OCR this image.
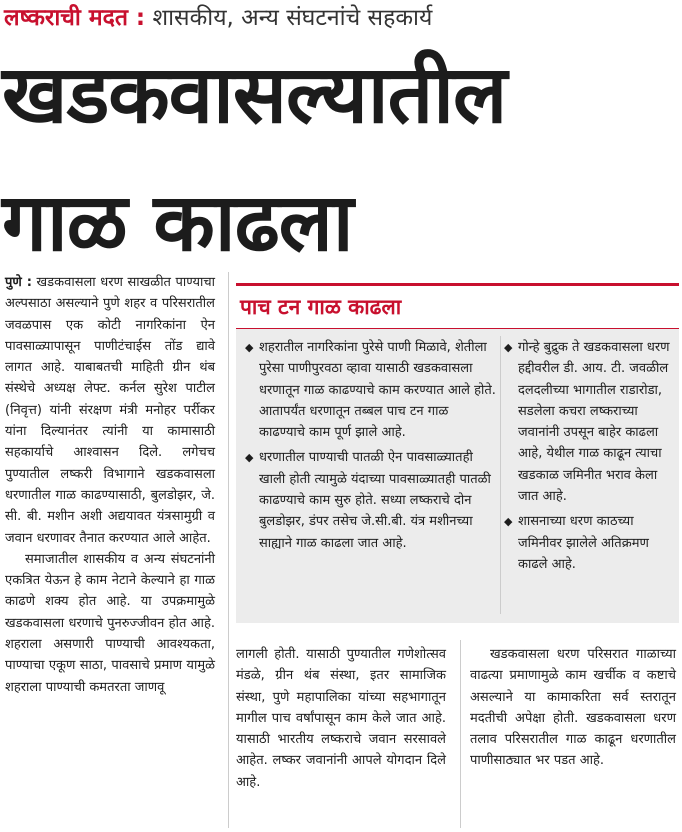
लष्कराची मदत : शासकीय, अन्य संघटनांचे सहकार्य
खडकवासल्यातील
गाळ काढला

पुणे : खडकवासला धरण साखळीत पाण्याचा अल्पसाठा असल्याने पुणे शहर व परिसरातील जवळपास एक कोटी नागरिकांना ऐन पावसाळ्यापासून पाणीटंचाईस तोंड द्यावे लागत आहे. याबाबतची माहिती ग्रीन थंब संस्थेचे अध्यक्ष लेफ्ट. कर्नल सुरेश पाटील (निवृत्त) यांनी संरक्षण मंत्री मनोहर पर्रीकर यांना दिल्यानंतर त्यांनी या कामासाठी सहकार्याचे आश्वासन दिले. लगेचच पुण्यातील लष्करी विभागाने खडकवासला धरणातील गाळ काढण्यासाठी, बुलडोझर, जे. सी. बी. मशीन अशी अद्ययावत यंत्रसामुग्री व जवान धरणावर तैनात करण्यात आले आहेत.

समाजातील शासकीय व अन्य संघटनांनी एकत्रित येऊन हे काम नेटाने केल्याने हा गाळ काढणे शक्य होत आहे. या उपक्रमामुळे खडकवासला धरणाचे पुनरुज्जीवन होत आहे. शहराला असणारी पाण्याची आवश्यकता, पाण्याचा एकूण साठा, पावसाचे प्रमाण यामुळे शहराला पाण्याची कमतरता जाणवू

पाच टन गाळ काढला
◆ शहरातील नागरिकांना पुरेसे पाणी मिळावे, शेतीला पुरेसा पाणीपुरवठा व्हावा यासाठी खडकवासला धरणातून गाळ काढण्याचे काम करण्यात आले होते. आतापर्यंत धरणातून तब्बल पाच टन गाळ काढण्याचे काम पूर्ण झाले आहे.
◆ धरणातील पाण्याची पातळी ऐन पावसाळ्यातही खाली होती त्यामुळे यंदाच्या पावसाळ्यातही पातळी काढण्याचे काम सुरु होते. सध्या लष्कराचे दोन बुलडोझर, डंपर तसेच जे.सी.बी. यंत्र मशीनच्या साह्याने गाळ काढला जात आहे.
◆ गोन्हे बुद्रुक ते खडकवासला धरण हद्दीवरील डी. आय. टी. जवळील दलदलीच्या भागातील राडारोडा, सडलेला कचरा लष्कराच्या जवानांनी उपसून बाहेर काढला आहे, येथील गाळ काढून त्याचा खडकाळ जमिनीत भराव केला जात आहे.
◆ शासनाच्या धरण काठच्या जमिनीवर झालेले अतिक्रमण काढले आहे.

लागली होती. यासाठी पुण्यातील गणेशोत्सव मंडळे, ग्रीन थंब संस्था, इतर सामाजिक संस्था, पुणे महापालिका यांच्या सहभागातून मागील पाच वर्षांपासून काम केले जात आहे. यासाठी भारतीय लष्कराचे जवान सरसावले आहेत. लष्कर जवानांनी आपले योगदान दिले आहे.

खडकवासला धरण परिसरात गाळाच्या वाढत्या प्रमाणामुळे काम खर्चीक व कष्टाचे असल्याने या कामाकरिता सर्व स्तरातून मदतीची अपेक्षा होती. खडकवासला धरण तलाव परिसरातील गाळ काढून धरणातील पाणीसाठ्यात भर पडत आहे.
